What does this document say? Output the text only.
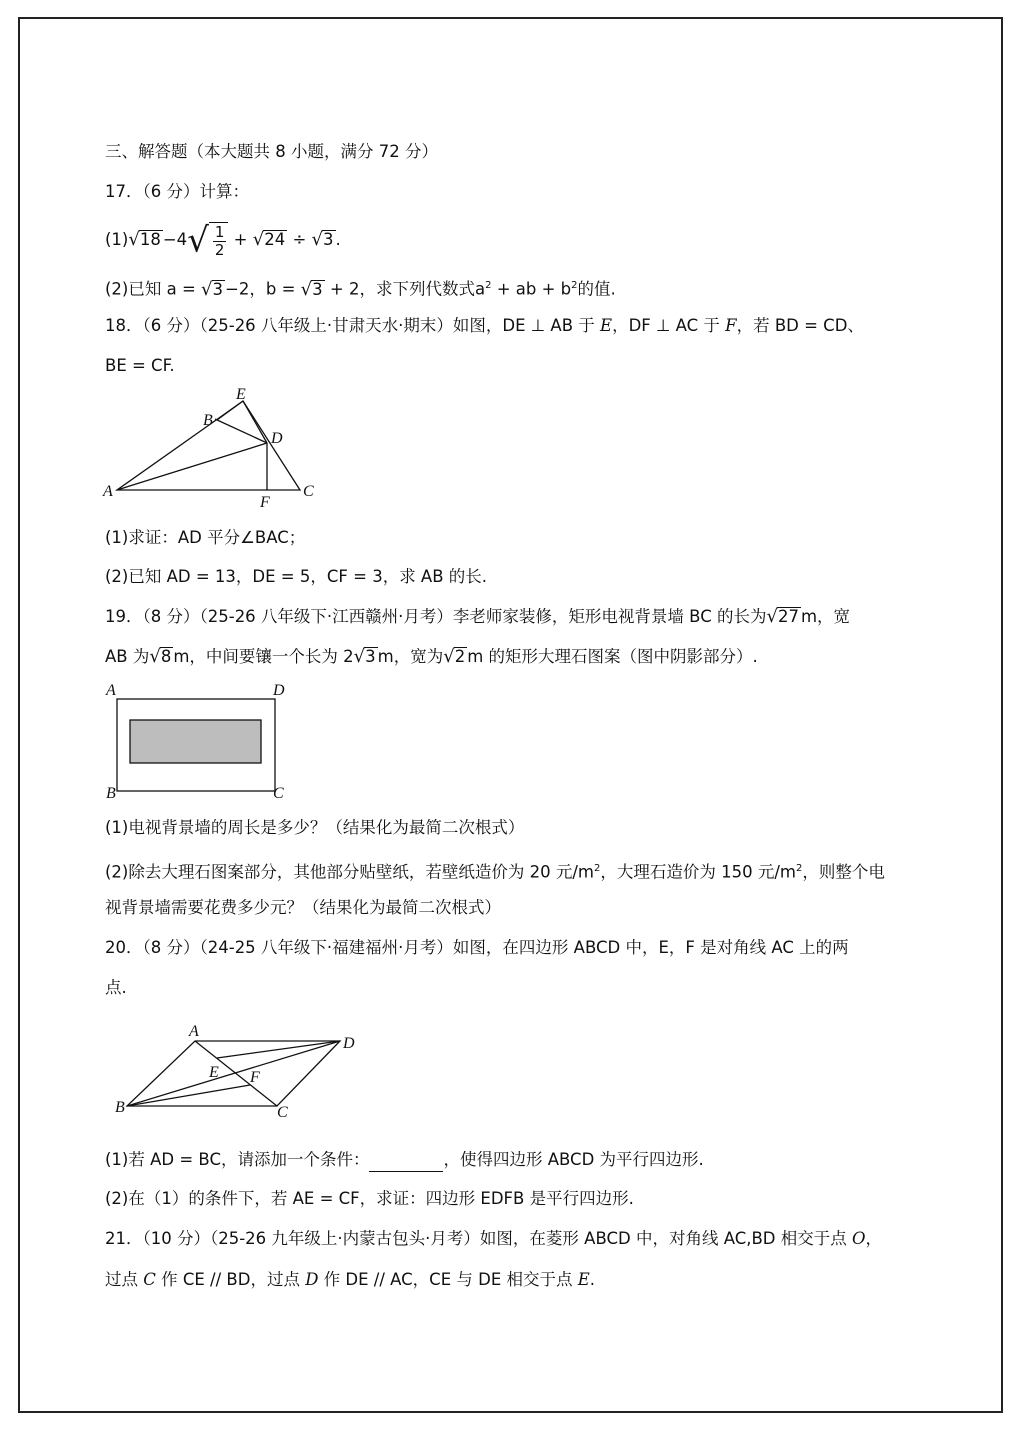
三、解答题（本大题共 8 小题，满分 72 分）
17．（6 分）计算：
$(1)√18 -4√ \frac{1}{2} + √24 \div √3$ .
(2)已知 a = √3 −2，b = √3 + 2，求下列代数式$a^2$ + ab + $b^2$的值.
18．（6 分）（25-26 八年级上·甘肃天水·期末）如图，DE ⊥ AB 于 E，DF ⊥ AC 于 F，若 BD = CD、
BE = CF.
A
B
E
D
C
F
(1)求证：AD 平分∠BAC；
(2)已知 AD = 13，DE = 5，CF = 3，求 AB 的长.
19．（8 分）（25-26 八年级下·江西赣州·月考）李老师家装修，矩形电视背景墙 BC 的长为√27 m，宽
AB 为√8 m，中间要镶一个长为 2√3 m，宽为√2 m 的矩形大理石图案（图中阴影部分）.
A	D
B	C
(1)电视背景墙的周长是多少？（结果化为最简二次根式）
(2)除去大理石图案部分，其他部分贴壁纸，若壁纸造价为 20 元$/m^2$，大理石造价为 150 元$/m^2$，则整个电
视背景墙需要花费多少元？（结果化为最简二次根式）
20．（8 分）（24-25 八年级下·福建福州·月考）如图，在四边形 ABCD 中，E，F 是对角线 AC 上的两
点.
A
D
E F
B	C
(1)若 AD = BC，请添加一个条件：	，使得四边形 ABCD 为平行四边形.
(2)在（1）的条件下，若 AE = CF，求证：四边形 EDFB 是平行四边形.
21．（10 分）（25-26 九年级上·内蒙古包头·月考）如图，在菱形 ABCD 中，对角线 AC,BD 相交于点 O，
过点 C 作 CE // BD，过点 D 作 DE // AC，CE 与 DE 相交于点 E.
